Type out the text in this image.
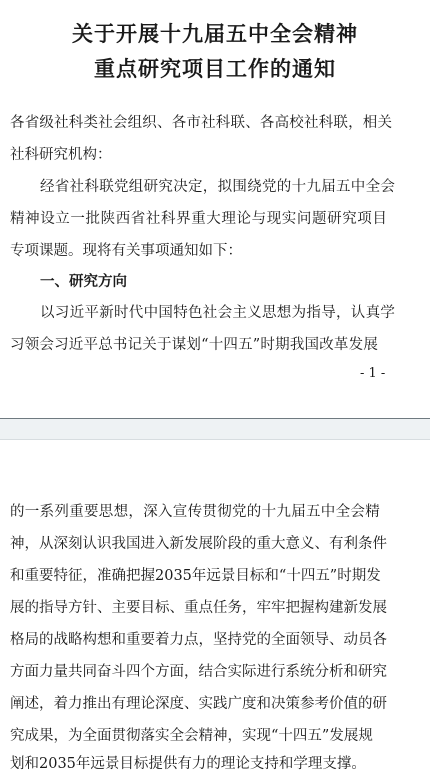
关于开展十九届五中全会精神
重点研究项目工作的通知
各省级社科类社会组织、各市社科联、各高校社科联，相关
社科研究机构：
经省社科联党组研究决定，拟围绕党的十九届五中全会
精神设立一批陕西省社科界重大理论与现实问题研究项目
专项课题。现将有关事项通知如下：
一、研究方向
以习近平新时代中国特色社会主义思想为指导，认真学
习领会习近平总书记关于谋划“十四五”时期我国改革发展
- 1 -
的一系列重要思想，深入宣传贯彻党的十九届五中全会精
神，从深刻认识我国进入新发展阶段的重大意义、有利条件
和重要特征，准确把握2035年远景目标和“十四五”时期发
展的指导方针、主要目标、重点任务，牢牢把握构建新发展
格局的战略构想和重要着力点，坚持党的全面领导、动员各
方面力量共同奋斗四个方面，结合实际进行系统分析和研究
阐述，着力推出有理论深度、实践广度和决策参考价值的研
究成果，为全面贯彻落实全会精神，实现“十四五”发展规
划和2035年远景目标提供有力的理论支持和学理支撑。
